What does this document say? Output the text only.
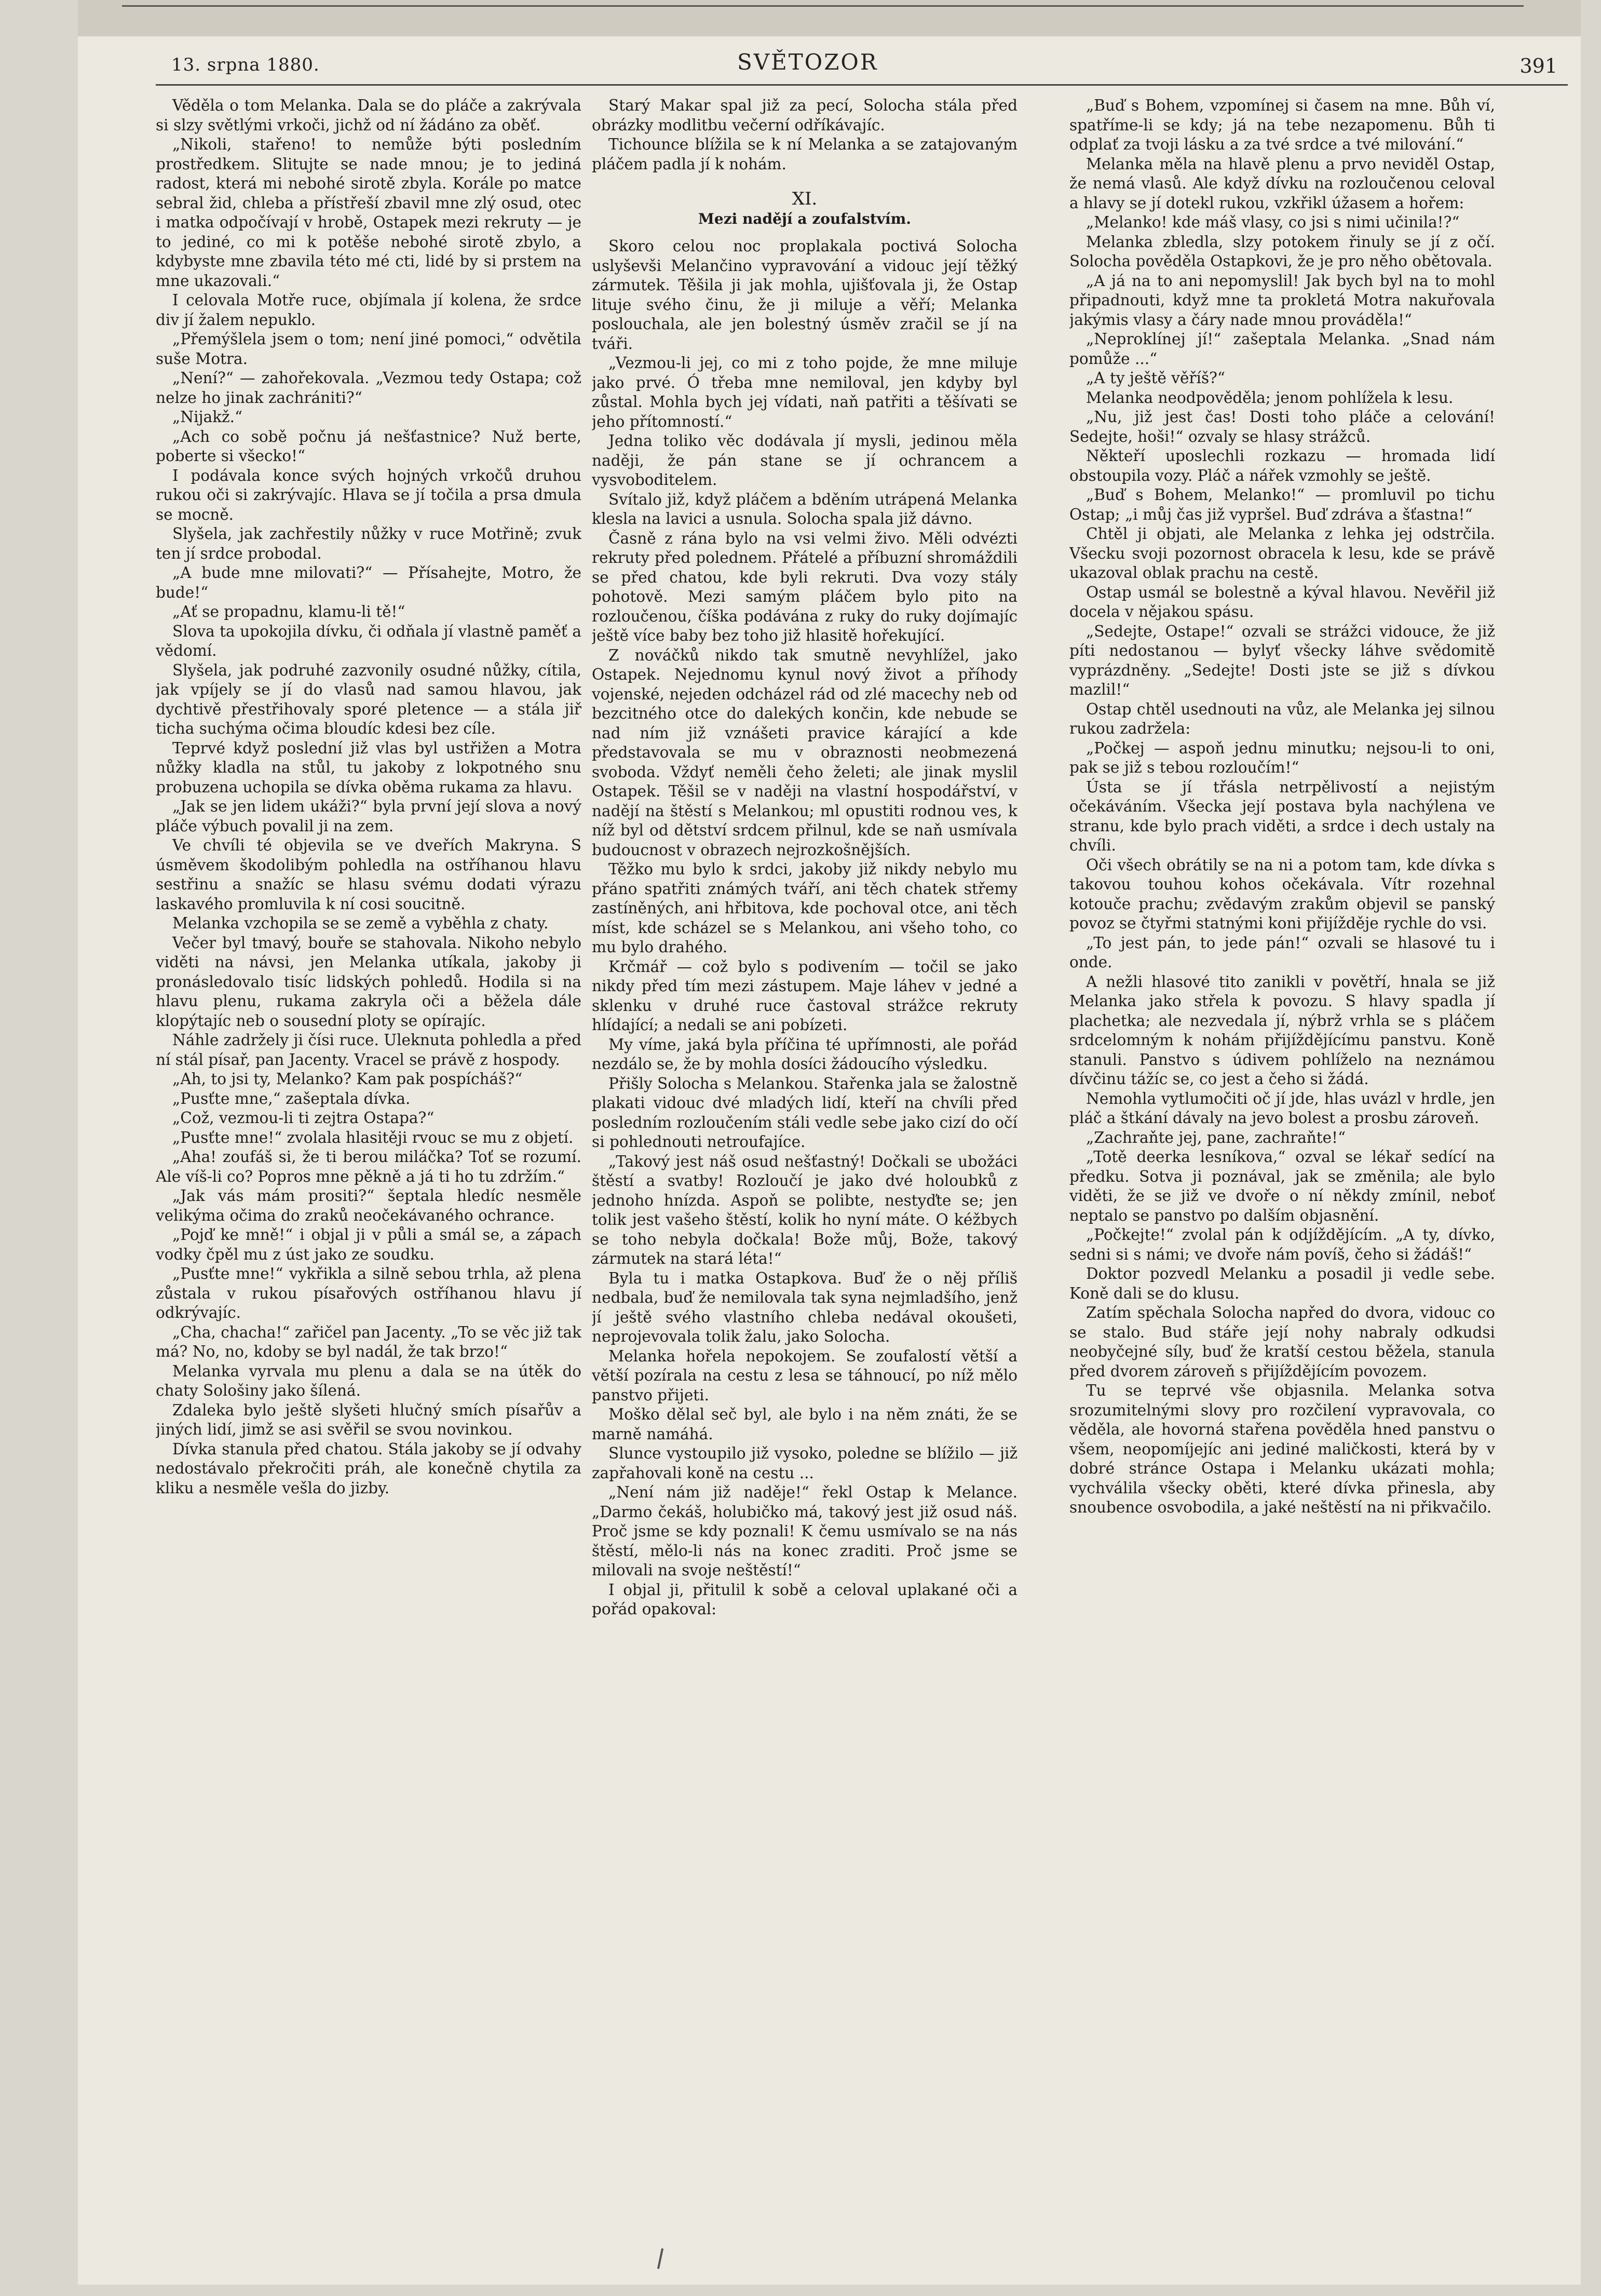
13. srpna 1880.	SVĚTOZOR	391

Věděla o tom Melanka. Dala se do pláče a zakrývala si slzy světlými vrkoči, jichž od ní žádáno za oběť.

„Nikoli, stařeno! to nemůže býti posledním prostředkem. Slitujte se nade mnou; je to jediná radost, která mi nebohé sirotě zbyla. Korále po matce sebral žid, chleba a přístřeší zbavil mne zlý osud, otec i matka odpočívají v hrobě, Ostapek mezi rekruty — je to jediné, co mi k potěše nebohé sirotě zbylo, a kdybyste mne zbavila této mé cti, lidé by si prstem na mne ukazovali.“

I celovala Motře ruce, objímala jí kolena, že srdce div jí žalem nepuklo.

„Přemýšlela jsem o tom; není jiné pomoci,“ odvětila suše Motra.

„Není?“ — zahořekovala. „Vezmou tedy Ostapa; což nelze ho jinak zachrániti?“

„Nijakž.“

„Ach co sobě počnu já nešťastnice? Nuž berte, poberte si všecko!“

I podávala konce svých hojných vrkočů druhou rukou oči si zakrývajíc. Hlava se jí točila a prsa dmula se mocně.

Slyšela, jak zachřestily nůžky v ruce Motřině; zvuk ten jí srdce probodal.

„A bude mne milovati?“ — Přísahejte, Motro, že bude!“

„Ať se propadnu, klamu-li tě!“

Slova ta upokojila dívku, či odňala jí vlastně paměť a vědomí.

Slyšela, jak podruhé zazvonily osudné nůžky, cítila, jak vpíjely se jí do vlasů nad samou hlavou, jak dychtivě přestřihovaly sporé pletence — a stála jiř ticha suchýma očima bloudíc kdesi bez cíle.

Teprvé když poslední již vlas byl ustřižen a Motra nůžky kladla na stůl, tu jakoby z lokpotného snu probuzena uchopila se dívka oběma rukama za hlavu.

„Jak se jen lidem ukáži?“ byla první její slova a nový pláče výbuch povalil ji na zem.

Ve chvíli té objevila se ve dveřích Makryna. S úsměvem škodolibým pohledla na ostříhanou hlavu sestřinu a snažíc se hlasu svému dodati výrazu laskavého promluvila k ní cosi soucitně.

Melanka vzchopila se se země a vyběhla z chaty.

Večer byl tmavý, bouře se stahovala. Nikoho nebylo viděti na návsi, jen Melanka utíkala, jakoby ji pronásledovalo tisíc lidských pohledů. Hodila si na hlavu plenu, rukama zakryla oči a běžela dále klopýtajíc neb o sousední ploty se opírajíc.

Náhle zadržely ji čísi ruce. Uleknuta pohledla a před ní stál písař, pan Jacenty. Vracel se právě z hospody.

„Ah, to jsi ty, Melanko? Kam pak pospícháš?“

„Pusťte mne,“ zašeptala dívka.

„Což, vezmou-li ti zejtra Ostapa?“

„Pusťte mne!“ zvolala hlasitěji rvouc se mu z objetí.

„Aha! zoufáš si, že ti berou miláčka? Toť se rozumí. Ale víš-li co? Popros mne pěkně a já ti ho tu zdržím.“

„Jak vás mám prositi?“ šeptala hledíc nesměle velikýma očima do zraků neočekávaného ochrance.

„Pojď ke mně!“ i objal ji v půli a smál se, a zápach vodky čpěl mu z úst jako ze soudku.

„Pusťte mne!“ vykřikla a silně sebou trhla, až plena zůstala v rukou písařových ostříhanou hlavu jí odkrývajíc.

„Cha, chacha!“ zařičel pan Jacenty. „To se věc již tak má? No, no, kdoby se byl nadál, že tak brzo!“

Melanka vyrvala mu plenu a dala se na útěk do chaty Sološiny jako šílená.

Zdaleka bylo ještě slyšeti hlučný smích písařův a jiných lidí, jimž se asi svěřil se svou novinkou.

Dívka stanula před chatou. Stála jakoby se jí odvahy nedostávalo překročiti práh, ale konečně chytila za kliku a nesměle vešla do jizby.

Starý Makar spal již za pecí, Solocha stála před obrázky modlitbu večerní odříkávajíc.

Tichounce blížila se k ní Melanka a se zatajovaným pláčem padla jí k nohám.

XI.

Mezi nadějí a zoufalstvím.

Skoro celou noc proplakala poctivá Solocha uslyševši Melančino vypravování a vidouc její těžký zármutek. Těšila ji jak mohla, ujišťovala ji, že Ostap lituje svého činu, že ji miluje a věří; Melanka poslouchala, ale jen bolestný úsměv zračil se jí na tváři.

„Vezmou-li jej, co mi z toho pojde, že mne miluje jako prvé. Ó třeba mne nemiloval, jen kdyby byl zůstal. Mohla bych jej vídati, naň patřiti a těšívati se jeho přítomností.“

Jedna toliko věc dodávala jí mysli, jedinou měla naději, že pán stane se jí ochrancem a vysvoboditelem.

Svítalo již, když pláčem a bděním utrápená Melanka klesla na lavici a usnula. Solocha spala již dávno.

Časně z rána bylo na vsi velmi živo. Měli odvézti rekruty před polednem. Přátelé a příbuzní shromáždili se před chatou, kde byli rekruti. Dva vozy stály pohotově. Mezi samým pláčem bylo pito na rozloučenou, číška podávána z ruky do ruky dojímajíc ještě více baby bez toho již hlasitě hořekující.

Z nováčků nikdo tak smutně nevyhlížel, jako Ostapek. Nejednomu kynul nový život a příhody vojenské, nejeden odcházel rád od zlé macechy neb od bezcitného otce do dalekých končin, kde nebude se nad ním již vznášeti pravice kárající a kde představovala se mu v obraznosti neobmezená svoboda. Vždyť neměli čeho želeti; ale jinak myslil Ostapek. Těšil se v naději na vlastní hospodářství, v nadějí na štěstí s Melankou; ml opustiti rodnou ves, k níž byl od dětství srdcem přilnul, kde se naň usmívala budoucnost v obrazech nejrozkošnějších.

Těžko mu bylo k srdci, jakoby již nikdy nebylo mu přáno spatřiti známých tváří, ani těch chatek střemy zastíněných, ani hřbitova, kde pochoval otce, ani těch míst, kde scházel se s Melankou, ani všeho toho, co mu bylo drahého.

Krčmář — což bylo s podivením — točil se jako nikdy před tím mezi zástupem. Maje láhev v jedné a sklenku v druhé ruce častoval strážce rekruty hlídající; a nedali se ani pobízeti.

My víme, jaká byla příčina té upřímnosti, ale pořád nezdálo se, že by mohla dosíci žádoucího výsledku.

Přišly Solocha s Melankou. Stařenka jala se žalostně plakati vidouc dvé mladých lidí, kteří na chvíli před posledním rozloučením stáli vedle sebe jako cizí do očí si pohlednouti netroufajíce.

„Takový jest náš osud nešťastný! Dočkali se ubožáci štěstí a svatby! Rozloučí je jako dvé holoubků z jednoho hnízda. Aspoň se polibte, nestyďte se; jen tolik jest vašeho štěstí, kolik ho nyní máte. O kéžbych se toho nebyla dočkala! Bože můj, Bože, takový zármutek na stará léta!“

Byla tu i matka Ostapkova. Buď že o něj příliš nedbala, buď že nemilovala tak syna nejmladšího, jenž jí ještě svého vlastního chleba nedával okoušeti, neprojevovala tolik žalu, jako Solocha.

Melanka hořela nepokojem. Se zoufalostí větší a větší pozírala na cestu z lesa se táhnoucí, po níž mělo panstvo přijeti.

Moško dělal seč byl, ale bylo i na něm znáti, že se marně namáhá.

Slunce vystoupilo již vysoko, poledne se blížilo — již zapřahovali koně na cestu ...

„Není nám již naděje!“ řekl Ostap k Melance. „Darmo čekáš, holubičko má, takový jest již osud náš. Proč jsme se kdy poznali! K čemu usmívalo se na nás štěstí, mělo-li nás na konec zraditi. Proč jsme se milovali na svoje neštěstí!“

I objal ji, přitulil k sobě a celoval uplakané oči a pořád opakoval:

„Buď s Bohem, vzpomínej si časem na mne. Bůh ví, spatříme-li se kdy; já na tebe nezapomenu. Bůh ti odplať za tvoji lásku a za tvé srdce a tvé milování.“

Melanka měla na hlavě plenu a prvo neviděl Ostap, že nemá vlasů. Ale když dívku na rozloučenou celoval a hlavy se jí dotekl rukou, vzkřikl úžasem a hořem:

„Melanko! kde máš vlasy, co jsi s nimi učinila!?“

Melanka zbledla, slzy potokem řinuly se jí z očí. Solocha pověděla Ostapkovi, že je pro něho obětovala.

„A já na to ani nepomyslil! Jak bych byl na to mohl připadnouti, když mne ta prokletá Motra nakuřovala jakýmis vlasy a čáry nade mnou prováděla!“

„Neproklínej jí!“ zašeptala Melanka. „Snad nám pomůže ...“

„A ty ještě věříš?“

Melanka neodpověděla; jenom pohlížela k lesu.

„Nu, již jest čas! Dosti toho pláče a celování! Sedejte, hoši!“ ozvaly se hlasy strážců.

Někteří uposlechli rozkazu — hromada lidí obstoupila vozy. Pláč a nářek vzmohly se ještě.

„Buď s Bohem, Melanko!“ — promluvil po tichu Ostap; „i můj čas již vypršel. Buď zdráva a šťastna!“

Chtěl ji objati, ale Melanka z lehka jej odstrčila. Všecku svoji pozornost obracela k lesu, kde se právě ukazoval oblak prachu na cestě.

Ostap usmál se bolestně a kýval hlavou. Nevěřil již docela v nějakou spásu.

„Sedejte, Ostape!“ ozvali se strážci vidouce, že již píti nedostanou — bylyť všecky láhve svědomitě vyprázdněny. „Sedejte! Dosti jste se již s dívkou mazlil!“

Ostap chtěl usednouti na vůz, ale Melanka jej silnou rukou zadržela:

„Počkej — aspoň jednu minutku; nejsou-li to oni, pak se již s tebou rozloučím!“

Ústa se jí třásla netrpělivostí a nejistým očekáváním. Všecka její postava byla nachýlena ve stranu, kde bylo prach viděti, a srdce i dech ustaly na chvíli.

Oči všech obrátily se na ni a potom tam, kde dívka s takovou touhou kohos očekávala. Vítr rozehnal kotouče prachu; zvědavým zrakům objevil se panský povoz se čtyřmi statnými koni přijížděje rychle do vsi.

„To jest pán, to jede pán!“ ozvali se hlasové tu i onde.

A nežli hlasové tito zanikli v povětří, hnala se již Melanka jako střela k povozu. S hlavy spadla jí plachetka; ale nezvedala jí, nýbrž vrhla se s pláčem srdcelomným k nohám přijíždějícímu panstvu. Koně stanuli. Panstvo s údivem pohlíželo na neznámou dívčinu tážíc se, co jest a čeho si žádá.

Nemohla vytlumočiti oč jí jde, hlas uvázl v hrdle, jen pláč a štkání dávaly na jevo bolest a prosbu zároveň.

„Zachraňte jej, pane, zachraňte!“

„Totě deerka lesníkova,“ ozval se lékař sedící na předku. Sotva ji poznával, jak se změnila; ale bylo viděti, že se již ve dvoře o ní někdy zmínil, neboť neptalo se panstvo po dalším objasnění.

„Počkejte!“ zvolal pán k odjíždějícím. „A ty, dívko, sedni si s námi; ve dvoře nám povíš, čeho si žádáš!“

Doktor pozvedl Melanku a posadil ji vedle sebe. Koně dali se do klusu.

Zatím spěchala Solocha napřed do dvora, vidouc co se stalo. Bud stáře její nohy nabraly odkudsi neobyčejné síly, buď že kratší cestou běžela, stanula před dvorem zároveň s přijíždějícím povozem.

Tu se teprvé vše objasnila. Melanka sotva srozumitelnými slovy pro rozčilení vypravovala, co věděla, ale hovorná stařena pověděla hned panstvu o všem, neopomíjejíc ani jediné maličkosti, která by v dobré stránce Ostapa i Melanku ukázati mohla; vychválila všecky oběti, které dívka přinesla, aby snoubence osvobodila, a jaké neštěstí na ni přikvačilo.
